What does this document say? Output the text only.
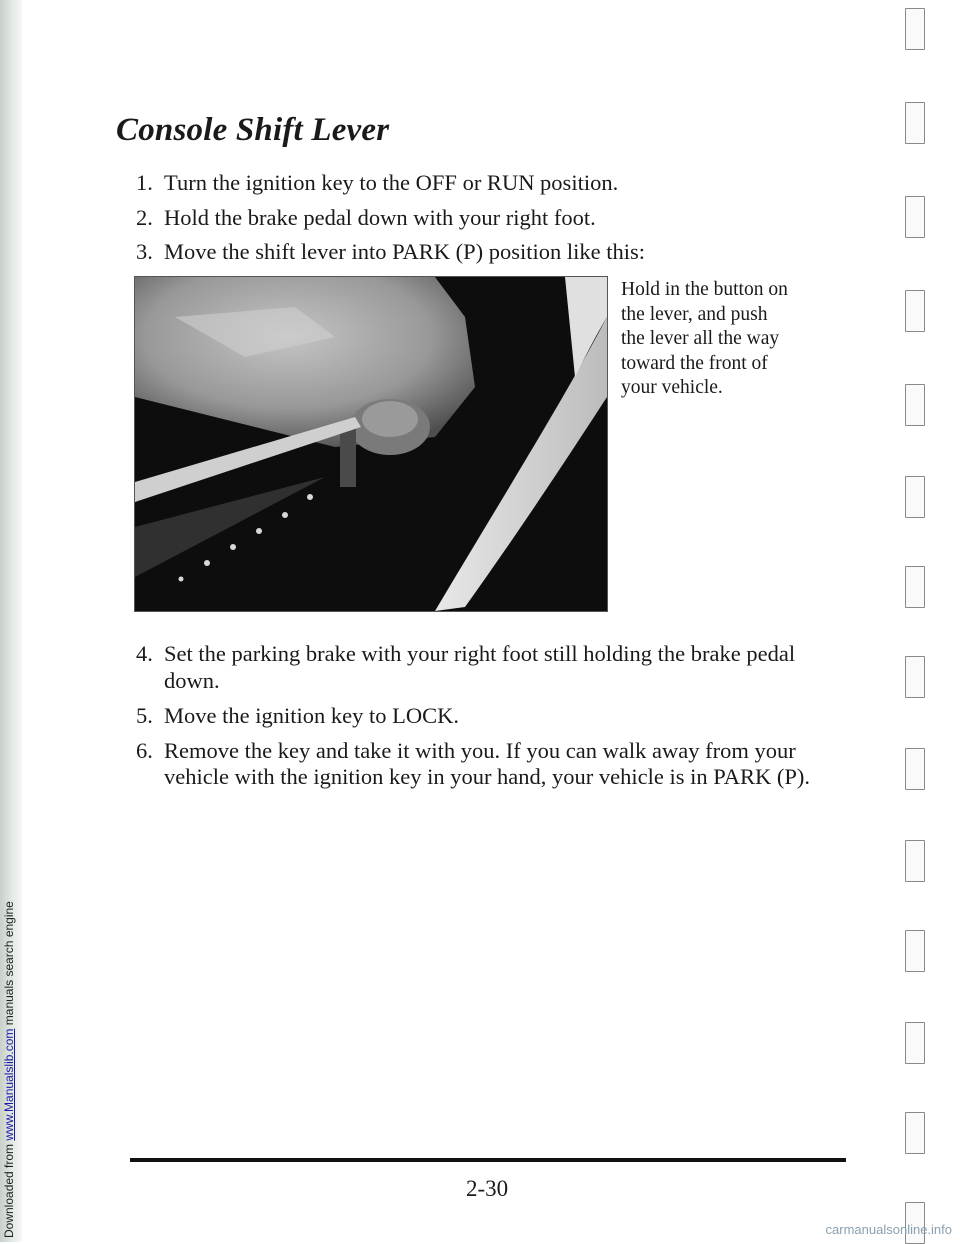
Downloaded from www.Manualslib.com manuals search engine
Console Shift Lever
1. Turn the ignition key to the OFF or RUN position.
2. Hold the brake pedal down with your right foot.
3. Move the shift lever into PARK (P) position like this:
Hold in the button on
the lever, and push
the lever all the way
toward the front of
your vehicle.
4. Set the parking brake with your right foot still holding the brake pedal
down.
5. Move the ignition key to LOCK.
6. Remove the key and take it with you. If you can walk away from your
vehicle with the ignition key in your hand, your vehicle is in PARK (P).
2-30
carmanualsonline.info
